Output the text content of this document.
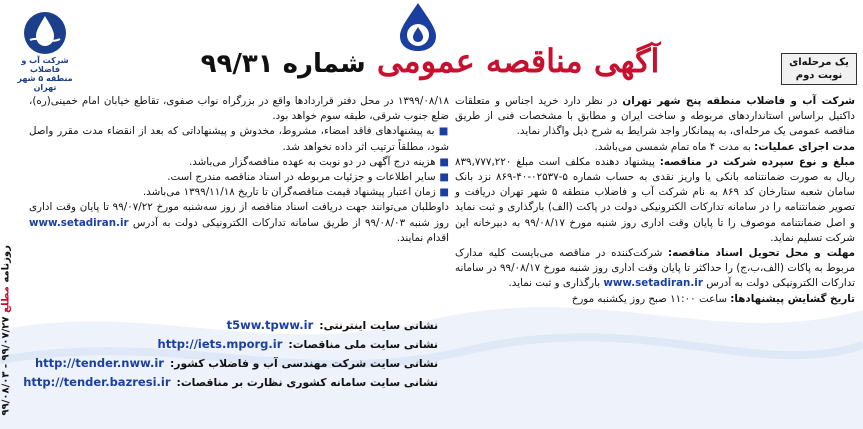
شرکت آب و فاضلاب
منطقه ۵ شهر تهران
یک مرحله‌ای
نوبت دوم
آگهی مناقصه عمومی شماره ۹۹/۳۱
روزنامه مطلع ۹۹/۰۷/۲۷ - ۹۹/۰۸/۰۳

شرکت آب و فاضلاب منطقه پنج شهر تهران در نظر دارد خرید اجناس و متعلقات داکتیل براساس استانداردهای مربوطه و ساخت ایران و مطابق با مشخصات فنی از طریق مناقصه عمومی یک مرحله‌ای، به پیمانکار واجد شرایط به شرح ذیل واگذار نماید.

مدت اجرای عملیات: به مدت ۴ ماه تمام شمسی می‌باشد.

مبلغ و نوع سپرده شرکت در مناقصه: پیشنهاد دهنده مکلف است مبلغ ۸۳۹,۷۷۷,۲۲۰ ریال به صورت ضمانتنامه بانکی یا واریز نقدی به حساب شماره ۵-۰۲۵۳۷-۴۰-۸۶۹ نزد بانک سامان شعبه ستارخان کد ۸۶۹ به نام شرکت آب و فاضلاب منطقه ۵ شهر تهران دریافت و تصویر ضمانتنامه را در سامانه تدارکات الکترونیکی دولت در پاکت (الف) بارگذاری و ثبت نماید و اصل ضمانتنامه موصوف را تا پایان وقت اداری روز شنبه مورخ ۹۹/۰۸/۱۷ به دبیرخانه این شرکت تسلیم نماید.

مهلت و محل تحویل اسناد مناقصه: شرکت‌کننده در مناقصه می‌بایست کلیه مدارک مربوط به پاکات (الف،ب،ج) را حداکثر تا پایان وقت اداری روز شنبه مورخ ۹۹/۰۸/۱۷ در سامانه تدارکات الکترونیکی دولت به آدرس www.setadiran.ir بارگذاری و ثبت نماید.

تاریخ گشایش پیشنهادها: ساعت ۱۱:۰۰ صبح روز یکشنبه مورخ

۱۳۹۹/۰۸/۱۸ در محل دفتر قراردادها واقع در بزرگراه نواب صفوی، تقاطع خیابان امام خمینی(ره)، ضلع جنوب شرقی، طبقه سوم خواهد بود.

■ به پیشنهادهای فاقد امضاء، مشروط، مخدوش و پیشنهاداتی که بعد از انقضاء مدت مقرر واصل شود، مطلقاً ترتیب اثر داده نخواهد شد.

■ هزینه درج آگهی در دو نوبت به عهده مناقصه‌گزار می‌باشد.

■ سایر اطلاعات و جزئیات مربوطه در اسناد مناقصه مندرج است.

■ زمان اعتبار پیشنهاد قیمت مناقصه‌گران تا تاریخ ۱۳۹۹/۱۱/۱۸ می‌باشد.

داوطلبان می‌توانند جهت دریافت اسناد مناقصه از روز سه‌شنبه مورخ ۹۹/۰۷/۲۲ تا پایان وقت اداری روز شنبه ۹۹/۰۸/۰۳ از طریق سامانه تدارکات الکترونیکی دولت به آدرس www.setadiran.ir اقدام نمایند.

نشانی سایت اینترنتی:
t5ww.tpww.ir
نشانی سایت ملی مناقصات:
http://iets.mporg.ir
نشانی سایت شرکت مهندسی آب و فاضلاب کشور:
http://tender.nww.ir
نشانی سایت سامانه کشوری نظارت بر مناقصات:
http://tender.bazresi.ir
